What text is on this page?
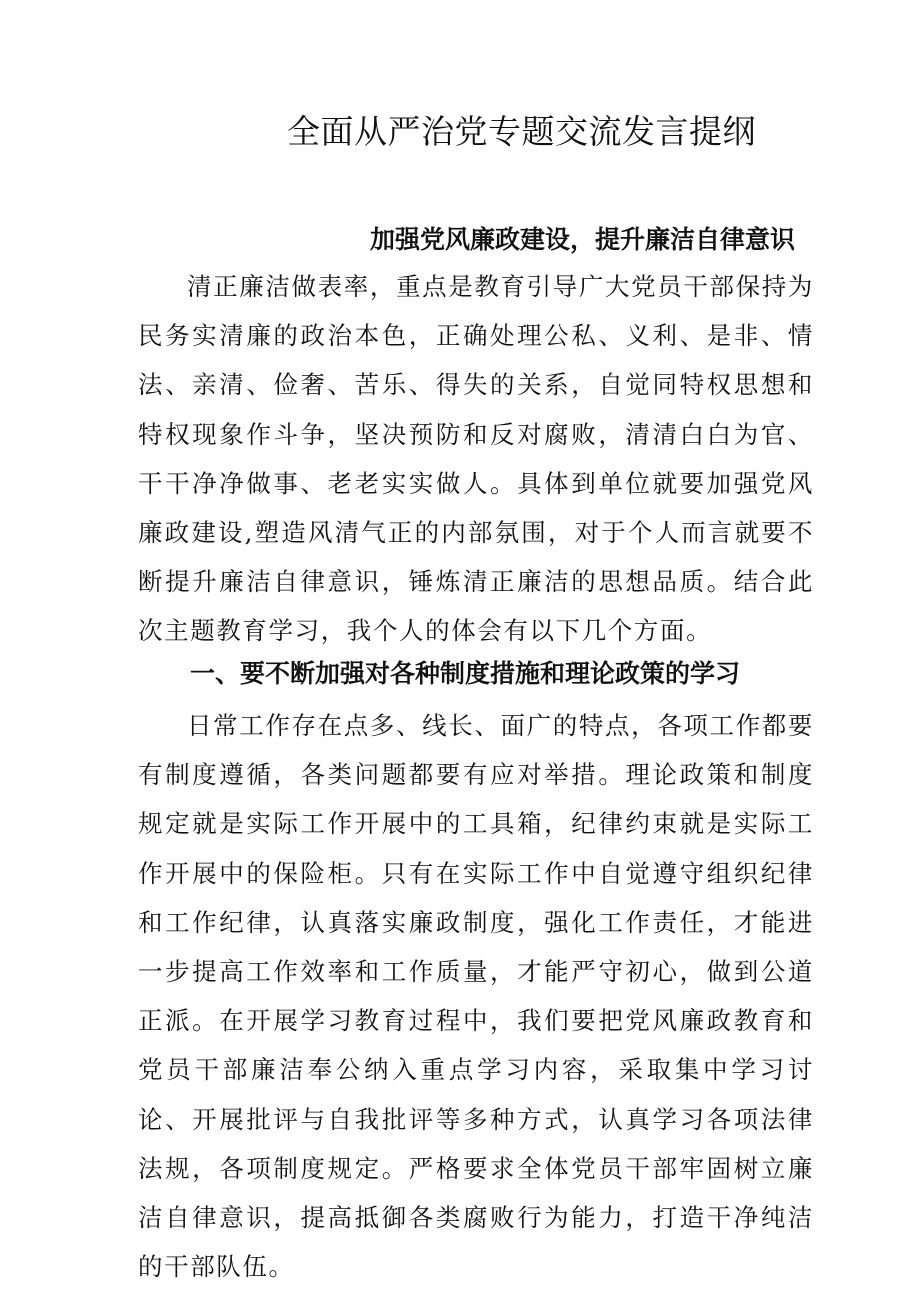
全面从严治党专题交流发言提纲
加强党风廉政建设，提升廉洁自律意识

清正廉洁做表率，重点是教育引导广大党员干部保持为民务实清廉的政治本色，正确处理公私、义利、是非、情法、亲清、俭奢、苦乐、得失的关系，自觉同特权思想和特权现象作斗争，坚决预防和反对腐败，清清白白为官、干干净净做事、老老实实做人。具体到单位就要加强党风廉政建设,塑造风清气正的内部氛围，对于个人而言就要不断提升廉洁自律意识，锤炼清正廉洁的思想品质。结合此次主题教育学习，我个人的体会有以下几个方面。

一、要不断加强对各种制度措施和理论政策的学习

日常工作存在点多、线长、面广的特点，各项工作都要有制度遵循，各类问题都要有应对举措。理论政策和制度规定就是实际工作开展中的工具箱，纪律约束就是实际工作开展中的保险柜。只有在实际工作中自觉遵守组织纪律和工作纪律，认真落实廉政制度，强化工作责任，才能进一步提高工作效率和工作质量，才能严守初心，做到公道正派。在开展学习教育过程中，我们要把党风廉政教育和党员干部廉洁奉公纳入重点学习内容，采取集中学习讨论、开展批评与自我批评等多种方式，认真学习各项法律法规，各项制度规定。严格要求全体党员干部牢固树立廉洁自律意识，提高抵御各类腐败行为能力，打造干净纯洁的干部队伍。
